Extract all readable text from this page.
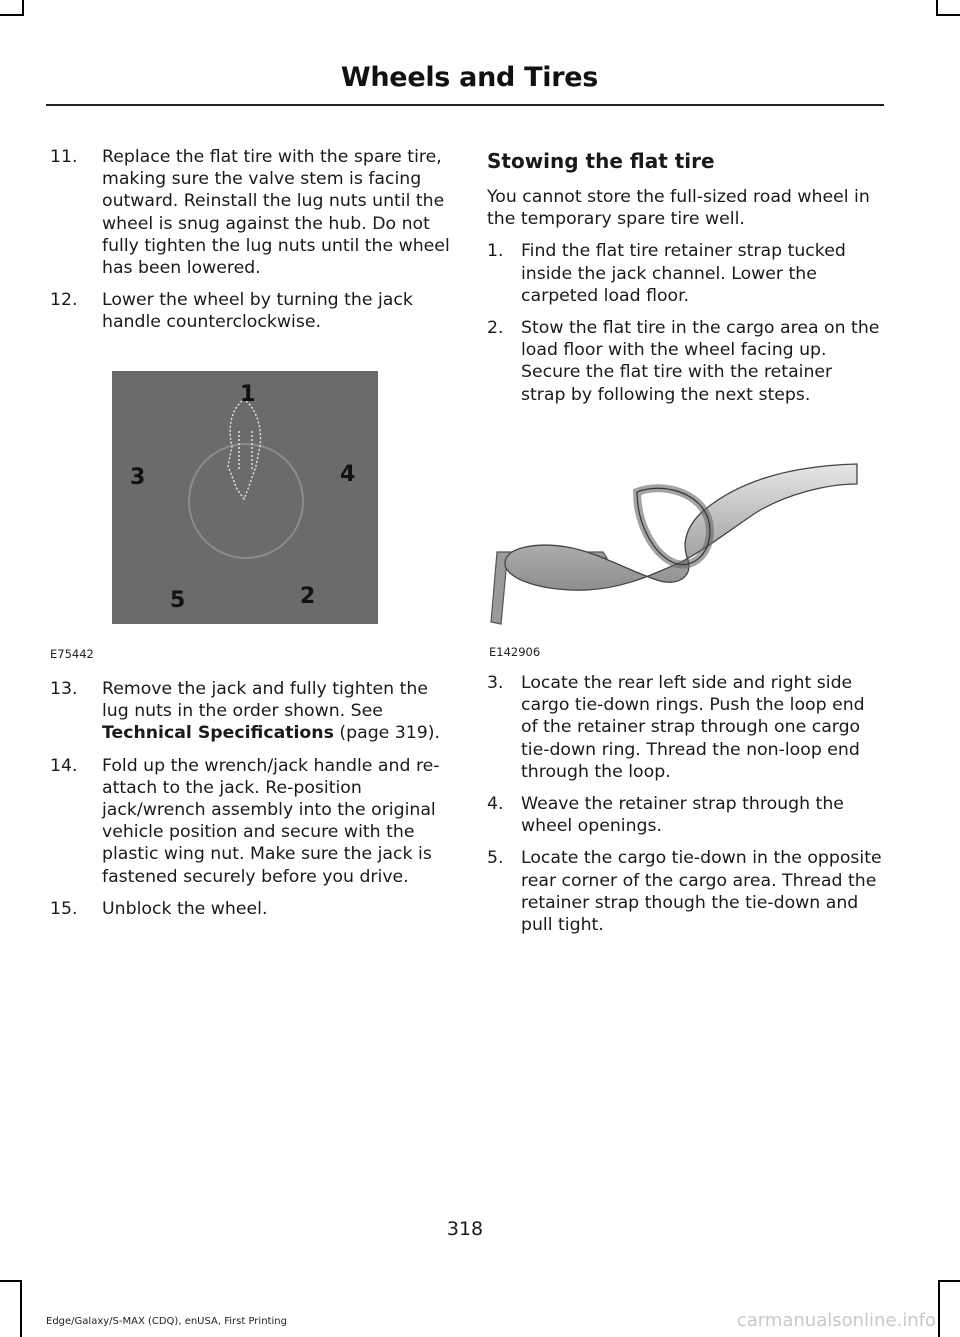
Wheels and Tires
11. Replace the flat tire with the spare tire, making sure the valve stem is facing outward. Reinstall the lug nuts until the wheel is snug against the hub. Do not fully tighten the lug nuts until the wheel has been lowered.
12. Lower the wheel by turning the jack handle counterclockwise.
1
2
3	4
5
E75442
13. Remove the jack and fully tighten the lug nuts in the order shown. See Technical Specifications (page 319).
14. Fold up the wrench/jack handle and re-attach to the jack. Re-position jack/wrench assembly into the original vehicle position and secure with the plastic wing nut. Make sure the jack is fastened securely before you drive.
15. Unblock the wheel.
Stowing the flat tire

You cannot store the full-sized road wheel in the temporary spare tire well.

1. Find the flat tire retainer strap tucked inside the jack channel. Lower the carpeted load floor.
2. Stow the flat tire in the cargo area on the load floor with the wheel facing up. Secure the flat tire with the retainer strap by following the next steps.
E142906
3. Locate the rear left side and right side cargo tie-down rings. Push the loop end of the retainer strap through one cargo tie-down ring. Thread the non-loop end through the loop.
4. Weave the retainer strap through the wheel openings.
5. Locate the cargo tie-down in the opposite rear corner of the cargo area. Thread the retainer strap though the tie-down and pull tight.
318
Edge/Galaxy/S-MAX (CDQ), enUSA, First Printing	carmanualsonline.info
